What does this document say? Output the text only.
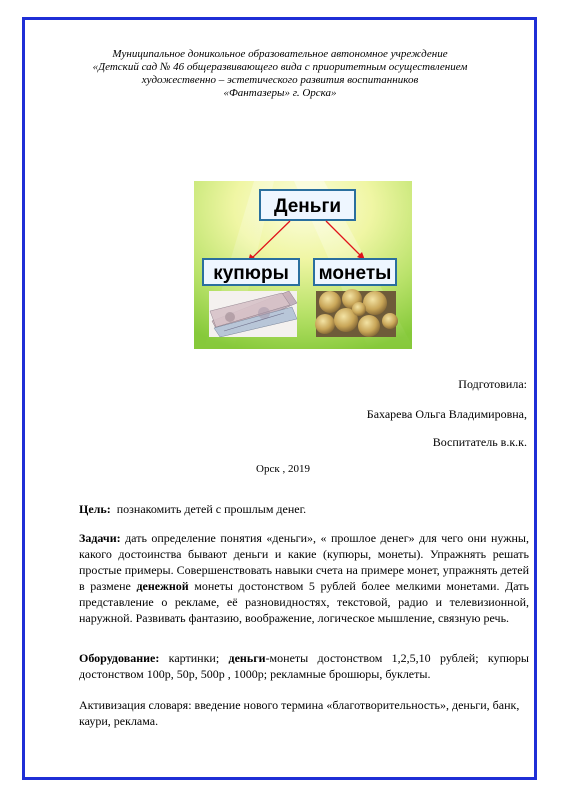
Муниципальное доникольное образовательное автономное учреждение
«Детский сад № 46 общеразвивающего вида с приоритетным осуществлением
художественно – эстетического развития воспитанников
«Фантазеры» г. Орска»
Деньги
купюры монеты
Подготовила:
Бахарева Ольга Владимировна,
Воспитатель в.к.к.
Орск , 2019
Цель: познакомить детей с прошлым денег.
Задачи: дать определение понятия «деньги», « прошлое денег» для чего они нужны, какого достоинства бывают деньги и какие (купюры, монеты). Упражнять решать простые примеры. Совершенствовать навыки счета на примере монет, упражнять детей в размене денежной монеты достонством 5 рублей более мелкими монетами. Дать представление о рекламе, её разновидностях, текстовой, радио и телевизионной, наружной. Развивать фантазию, воображение, логическое мышление, связную речь.
Оборудование: картинки; деньги-монеты достонством 1,2,5,10 рублей; купюры достонством 100р, 50р, 500р , 1000р; рекламные брошюры, буклеты.
Активизация словаря: введение нового термина «благотворительность», деньги, банк, каури, реклама.
